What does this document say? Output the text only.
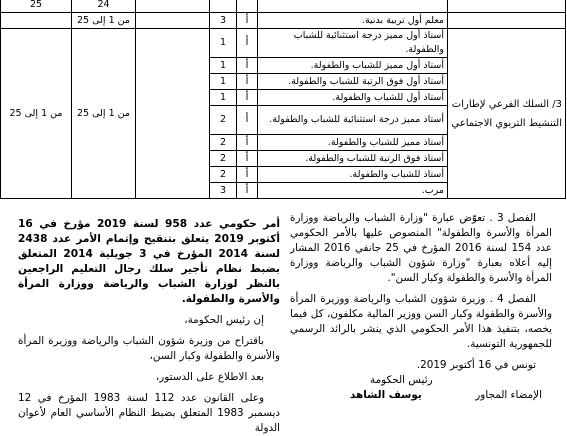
					24	25
	معلم أول تربية بدنية.	أ	3		من 1 إلى 25	
3/ السلك الفرعي لإطارات التنشيط التربوي الاجتماعي	أستاذ أول مميز درجة استثنائية للشباب والطفولة.	أ	1		من 1 إلى 25	من 1 إلى 25
	أستاذ أول مميز للشباب والطفولة.	أ	1			
	أستاذ أول فوق الرتبة للشباب والطفولة.	أ	1			
	أستاذ أول للشباب والطفولة.	أ	1			
	أستاذ مميز درجة استثنائية للشباب والطفولة.	أ	2			
	أستاذ مميز للشباب والطفولة.	أ	2			
	أستاذ فوق الرتبة للشباب والطفولة.	أ	2			
	أستاذ للشباب والطفولة.	أ	2			
	مرب.	أ	3			

الفصل 3 . تعوّض عبارة "وزارة الشباب والرياضة ووزارة المرأة والأسرة والطفولة" المنصوص عليها بالأمر الحكومي عدد 154 لسنة 2016 المؤرخ في 25 جانفي 2016 المشار إليه أعلاه بعبارة "وزارة شؤون الشباب والرياضة ووزارة المرأة والأسرة والطفولة وكبار السن".

الفصل 4 . وزيرة شؤون الشباب والرياضة ووزيرة المرأة والأسرة والطفولة وكبار السن ووزير المالية مكلفون، كل فيما يخصه، بتنفيذ هذا الأمر الحكومي الذي ينشر بالرائد الرسمي للجمهورية التونسية.

تونس في 16 أكتوبر 2019.

رئيس الحكومة
الإمضاء المجاور
يوسف الشاهد

أمر حكومي عدد 958 لسنة 2019 مؤرخ في 16 أكتوبر 2019 يتعلق بتنقيح وإتمام الأمر عدد 2438 لسنة 2014 المؤرخ في 3 جويلية 2014 المتعلق بضبط نظام تأجير سلك رجال التعليم الراجعين بالنظر لوزارة الشباب والرياضة ووزارة المرأة والأسرة والطفولة.

إن رئيس الحكومة،

باقتراح من وزيرة شؤون الشباب والرياضة ووزيرة المرأة والأسرة والطفولة وكبار السن،

بعد الاطلاع على الدستور،

وعلى القانون عدد 112 لسنة 1983 المؤرخ في 12 ديسمبر 1983 المتعلق بضبط النظام الأساسي العام لأعوان الدولة
